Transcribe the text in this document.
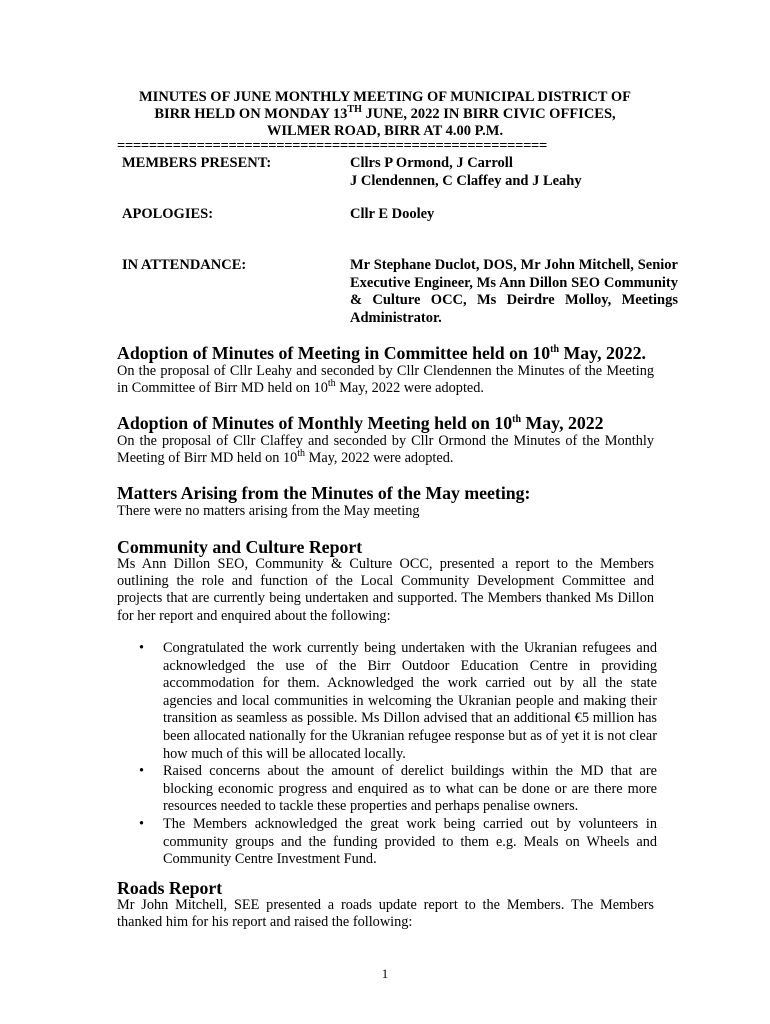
MINUTES OF JUNE MONTHLY MEETING OF MUNICIPAL DISTRICT OF
BIRR HELD ON MONDAY 13TH JUNE, 2022 IN BIRR CIVIC OFFICES,
WILMER ROAD, BIRR AT 4.00 P.M.
======================================================
MEMBERS PRESENT:	Cllrs P Ormond, J Carroll
J Clendennen, C Claffey and J Leahy
APOLOGIES:	Cllr E Dooley
IN ATTENDANCE:	Mr Stephane Duclot, DOS, Mr John Mitchell, Senior Executive Engineer, Ms Ann Dillon SEO Community & Culture OCC, Ms Deirdre Molloy, Meetings Administrator.
Adoption of Minutes of Meeting in Committee held on 10th May, 2022.

On the proposal of Cllr Leahy and seconded by Cllr Clendennen the Minutes of the Meeting in Committee of Birr MD held on 10th May, 2022 were adopted.

Adoption of Minutes of Monthly Meeting held on 10th May, 2022

On the proposal of Cllr Claffey and seconded by Cllr Ormond the Minutes of the Monthly Meeting of Birr MD held on 10th May, 2022 were adopted.

Matters Arising from the Minutes of the May meeting:

There were no matters arising from the May meeting

Community and Culture Report

Ms Ann Dillon SEO, Community & Culture OCC, presented a report to the Members outlining the role and function of the Local Community Development Committee and projects that are currently being undertaken and supported. The Members thanked Ms Dillon for her report and enquired about the following:

• Congratulated the work currently being undertaken with the Ukranian refugees and acknowledged the use of the Birr Outdoor Education Centre in providing accommodation for them. Acknowledged the work carried out by all the state agencies and local communities in welcoming the Ukranian people and making their transition as seamless as possible. Ms Dillon advised that an additional €5 million has been allocated nationally for the Ukranian refugee response but as of yet it is not clear how much of this will be allocated locally.
• Raised concerns about the amount of derelict buildings within the MD that are blocking economic progress and enquired as to what can be done or are there more resources needed to tackle these properties and perhaps penalise owners.
• The Members acknowledged the great work being carried out by volunteers in community groups and the funding provided to them e.g. Meals on Wheels and Community Centre Investment Fund.
Roads Report

Mr John Mitchell, SEE presented a roads update report to the Members. The Members thanked him for his report and raised the following:

1
